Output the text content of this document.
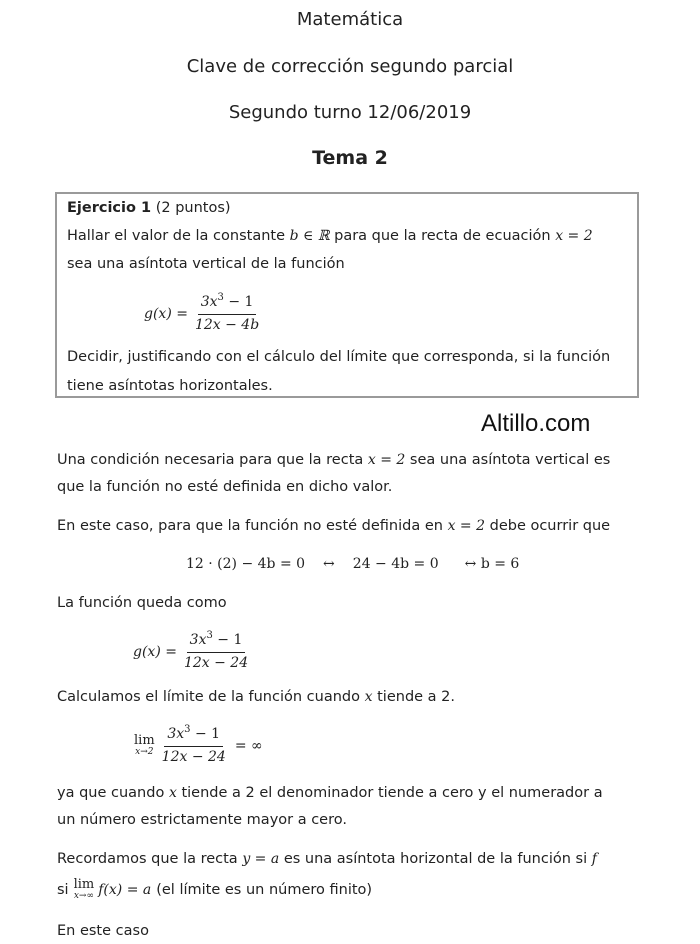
Matemática
Clave de corrección segundo parcial
Segundo turno 12/06/2019
Tema 2
Ejercicio 1 (2 puntos)
Hallar el valor de la constante b ∈ ℝ para que la recta de ecuación x = 2
sea una asíntota vertical de la función
$g(x) = \frac{3x^3 - 1}{12x - 4b}$
Decidir, justificando con el cálculo del límite que corresponda, si la función
tiene asíntotas horizontales.
Altillo.com
Una condición necesaria para que la recta x = 2 sea una asíntota vertical es
que la función no esté definida en dicho valor.
En este caso, para que la función no esté definida en x = 2 debe ocurrir que
12 · (2) − 4b = 0 ↔ 24 − 4b = 0 ↔ b = 6
La función queda como
$g(x) = \frac{3x^3 - 1}{12x - 24}$
Calculamos el límite de la función cuando x tiende a 2.
lim
$x\to 2 \frac{3x^3 - 1}{12x - 24}$ = ∞
ya que cuando x tiende a 2 el denominador tiende a cero y el numerador a
un número estrictamente mayor a cero.
Recordamos que la recta y = a es una asíntota horizontal de la función si f
si lim
x→∞ f(x) = a (el límite es un número finito)
En este caso
